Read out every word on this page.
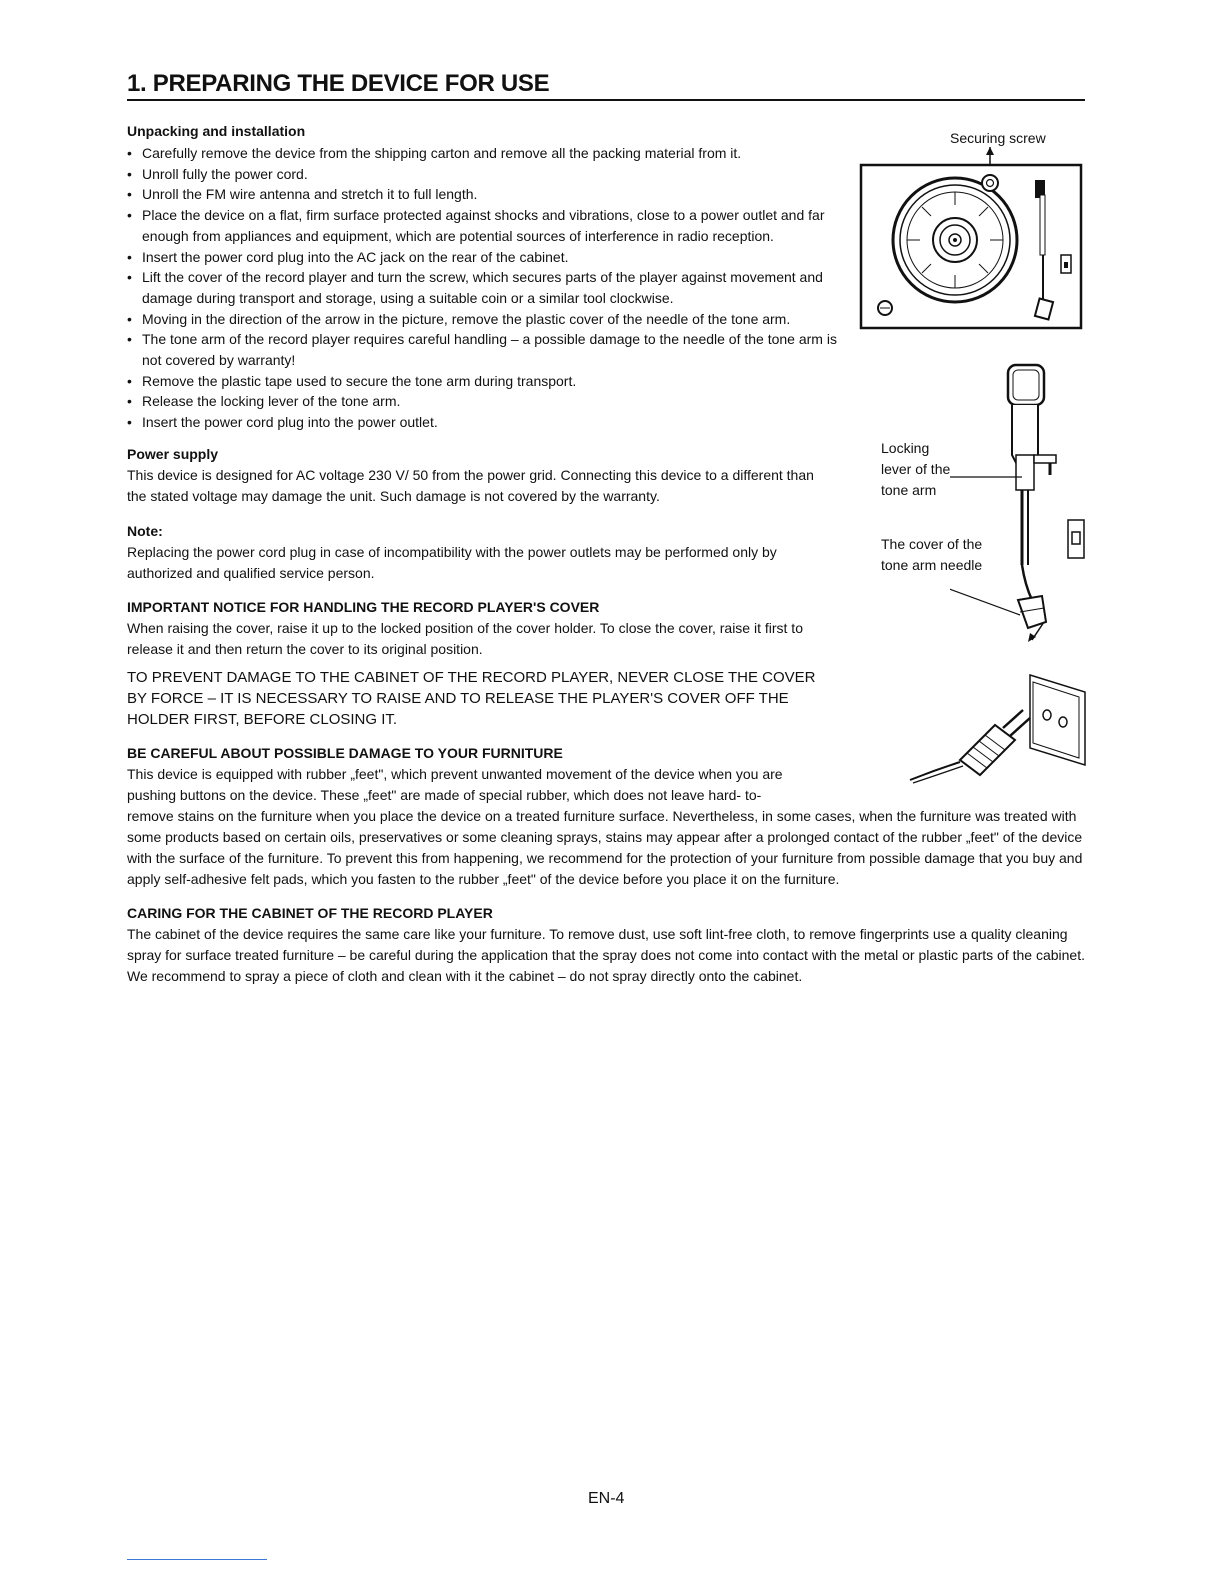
1. PREPARING THE DEVICE FOR USE
Unpacking and installation
• Carefully remove the device from the shipping carton and remove all the packing material from it.
• Unroll fully the power cord.
• Unroll the FM wire antenna and stretch it to full length.
• Place the device on a flat, firm surface protected against shocks and vibrations, close to a power outlet and far enough from appliances and equipment, which are potential sources of interference in radio reception.
• Insert the power cord plug into the AC jack on the rear of the cabinet.
• Lift the cover of the record player and turn the screw, which secures parts of the player against movement and damage during transport and storage, using a suitable coin or a similar tool clockwise.
• Moving in the direction of the arrow in the picture, remove the plastic cover of the needle of the tone arm.
• The tone arm of the record player requires careful handling – a possible damage to the needle of the tone arm is not covered by warranty!
• Remove the plastic tape used to secure the tone arm during transport.
• Release the locking lever of the tone arm.
• Insert the power cord plug into the power outlet.
Power supply

This device is designed for AC voltage 230 V/ 50 from the power grid. Connecting this device to a different than the stated voltage may damage the unit. Such damage is not covered by the warranty.

Note:

Replacing the power cord plug in case of incompatibility with the power outlets may be performed only by authorized and qualified service person.

IMPORTANT NOTICE FOR HANDLING THE RECORD PLAYER'S COVER

When raising the cover, raise it up to the locked position of the cover holder. To close the cover, raise it first to release it and then return the cover to its original position.

TO PREVENT DAMAGE TO THE CABINET OF THE RECORD PLAYER, NEVER CLOSE THE COVER BY FORCE – IT IS NECESSARY TO RAISE AND TO RELEASE THE PLAYER'S COVER OFF THE HOLDER FIRST, BEFORE CLOSING IT.

BE CAREFUL ABOUT POSSIBLE DAMAGE TO YOUR FURNITURE

This device is equipped with rubber „feet", which prevent unwanted movement of the device when you are pushing buttons on the device. These „feet" are made of special rubber, which does not leave hard- to-

remove stains on the furniture when you place the device on a treated furniture surface. Nevertheless, in some cases, when the furniture was treated with some products based on certain oils, preservatives or some cleaning sprays, stains may appear after a prolonged contact of the rubber „feet" of the device with the surface of the furniture. To prevent this from happening, we recommend for the protection of your furniture from possible damage that you buy and apply self-adhesive felt pads, which you fasten to the rubber „feet" of the device before you place it on the furniture.

CARING FOR THE CABINET OF THE RECORD PLAYER

The cabinet of the device requires the same care like your furniture. To remove dust, use soft lint-free cloth, to remove fingerprints use a quality cleaning spray for surface treated furniture – be careful during the application that the spray does not come into contact with the metal or plastic parts of the cabinet. We recommend to spray a piece of cloth and clean with it the cabinet – do not spray directly onto the cabinet.

Securing screw

Locking

lever of the

tone arm

The cover of the

tone arm needle

EN-4
